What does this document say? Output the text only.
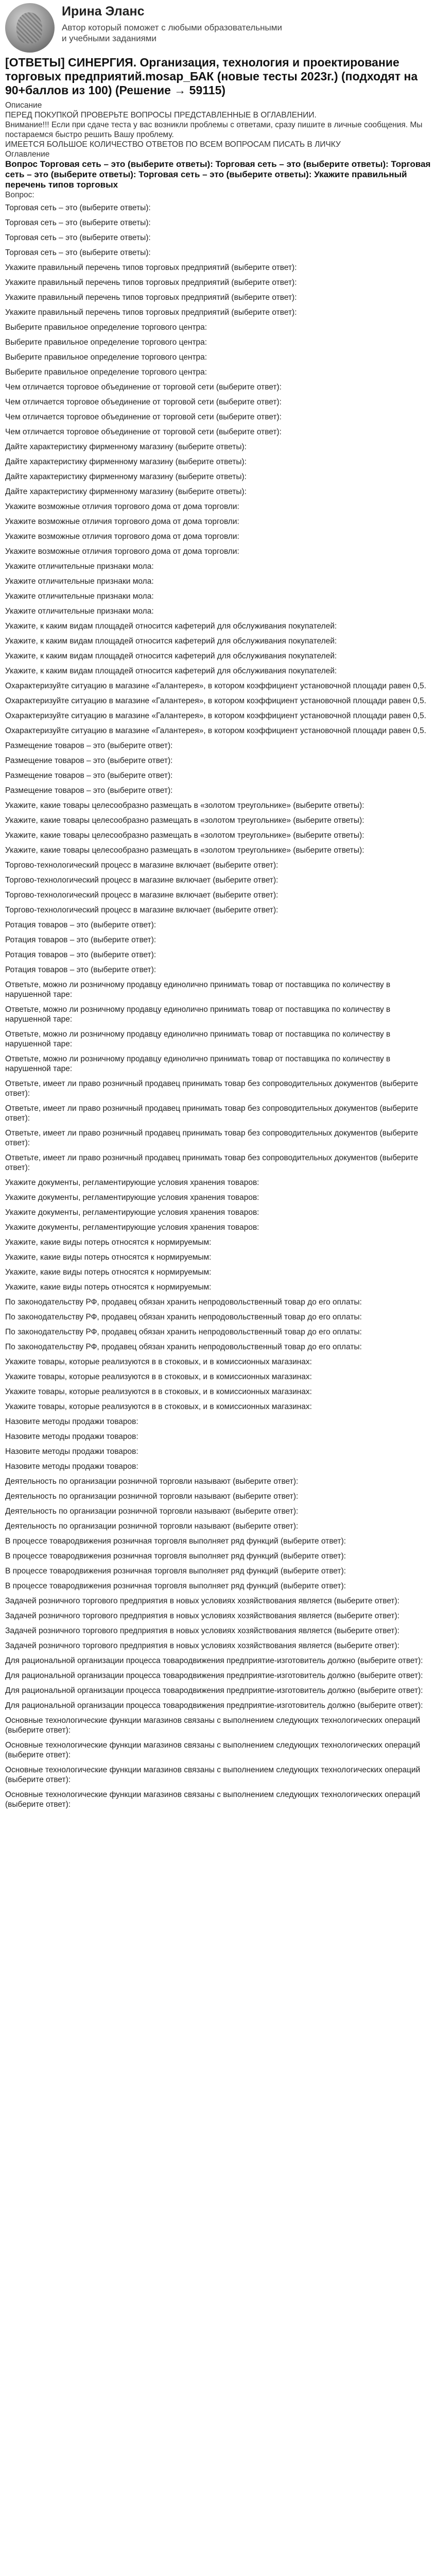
Ирина Эланс
Автор который поможет с любыми образовательными и учебными заданиями
[ОТВЕТЫ] СИНЕРГИЯ. Организация, технология и проектирование торговых предприятий.mosap_БАК (новые тесты 2023г.) (подходят на 90+баллов из 100) (Решение → 59115)

Описание

ПЕРЕД ПОКУПКОЙ ПРОВЕРЬТЕ ВОПРОСЫ ПРЕДСТАВЛЕННЫЕ В ОГЛАВЛЕНИИ.

Внимание!!! Если при сдаче теста у вас возникли проблемы с ответами, сразу пишите в личные сообщения. Мы постараемся быстро решить Вашу проблему.

ИМЕЕТСЯ БОЛЬШОЕ КОЛИЧЕСТВО ОТВЕТОВ ПО ВСЕМ ВОПРОСАМ ПИСАТЬ В ЛИЧКУ

Оглавление

Вопрос Торговая сеть – это (выберите ответы): Торговая сеть – это (выберите ответы): Торговая сеть – это (выберите ответы): Торговая сеть – это (выберите ответы): Укажите правильный перечень типов торговых

Вопрос:

Торговая сеть – это (выберите ответы):

Торговая сеть – это (выберите ответы):

Торговая сеть – это (выберите ответы):

Торговая сеть – это (выберите ответы):

Укажите правильный перечень типов торговых предприятий (выберите ответ):

Укажите правильный перечень типов торговых предприятий (выберите ответ):

Укажите правильный перечень типов торговых предприятий (выберите ответ):

Укажите правильный перечень типов торговых предприятий (выберите ответ):

Выберите правильное определение торгового центра:

Выберите правильное определение торгового центра:

Выберите правильное определение торгового центра:

Выберите правильное определение торгового центра:

Чем отличается торговое объединение от торговой сети (выберите ответ):

Чем отличается торговое объединение от торговой сети (выберите ответ):

Чем отличается торговое объединение от торговой сети (выберите ответ):

Чем отличается торговое объединение от торговой сети (выберите ответ):

Дайте характеристику фирменному магазину (выберите ответы):

Дайте характеристику фирменному магазину (выберите ответы):

Дайте характеристику фирменному магазину (выберите ответы):

Дайте характеристику фирменному магазину (выберите ответы):

Укажите возможные отличия торгового дома от дома торговли:

Укажите возможные отличия торгового дома от дома торговли:

Укажите возможные отличия торгового дома от дома торговли:

Укажите возможные отличия торгового дома от дома торговли:

Укажите отличительные признаки мола:

Укажите отличительные признаки мола:

Укажите отличительные признаки мола:

Укажите отличительные признаки мола:

Укажите, к каким видам площадей относится кафетерий для обслуживания покупателей:

Укажите, к каким видам площадей относится кафетерий для обслуживания покупателей:

Укажите, к каким видам площадей относится кафетерий для обслуживания покупателей:

Укажите, к каким видам площадей относится кафетерий для обслуживания покупателей:

Охарактеризуйте ситуацию в магазине «Галантерея», в котором коэффициент установочной площади равен 0,5.

Охарактеризуйте ситуацию в магазине «Галантерея», в котором коэффициент установочной площади равен 0,5.

Охарактеризуйте ситуацию в магазине «Галантерея», в котором коэффициент установочной площади равен 0,5.

Охарактеризуйте ситуацию в магазине «Галантерея», в котором коэффициент установочной площади равен 0,5.

Размещение товаров – это (выберите ответ):

Размещение товаров – это (выберите ответ):

Размещение товаров – это (выберите ответ):

Размещение товаров – это (выберите ответ):

Укажите, какие товары целесообразно размещать в «золотом треугольнике» (выберите ответы):

Укажите, какие товары целесообразно размещать в «золотом треугольнике» (выберите ответы):

Укажите, какие товары целесообразно размещать в «золотом треугольнике» (выберите ответы):

Укажите, какие товары целесообразно размещать в «золотом треугольнике» (выберите ответы):

Торгово-технологический процесс в магазине включает (выберите ответ):

Торгово-технологический процесс в магазине включает (выберите ответ):

Торгово-технологический процесс в магазине включает (выберите ответ):

Торгово-технологический процесс в магазине включает (выберите ответ):

Ротация товаров – это (выберите ответ):

Ротация товаров – это (выберите ответ):

Ротация товаров – это (выберите ответ):

Ротация товаров – это (выберите ответ):

Ответьте, можно ли розничному продавцу единолично принимать товар от поставщика по количеству в нарушенной таре:

Ответьте, можно ли розничному продавцу единолично принимать товар от поставщика по количеству в нарушенной таре:

Ответьте, можно ли розничному продавцу единолично принимать товар от поставщика по количеству в нарушенной таре:

Ответьте, можно ли розничному продавцу единолично принимать товар от поставщика по количеству в нарушенной таре:

Ответьте, имеет ли право розничный продавец принимать товар без сопроводительных документов (выберите ответ):

Ответьте, имеет ли право розничный продавец принимать товар без сопроводительных документов (выберите ответ):

Ответьте, имеет ли право розничный продавец принимать товар без сопроводительных документов (выберите ответ):

Ответьте, имеет ли право розничный продавец принимать товар без сопроводительных документов (выберите ответ):

Укажите документы, регламентирующие условия хранения товаров:

Укажите документы, регламентирующие условия хранения товаров:

Укажите документы, регламентирующие условия хранения товаров:

Укажите документы, регламентирующие условия хранения товаров:

Укажите, какие виды потерь относятся к нормируемым:

Укажите, какие виды потерь относятся к нормируемым:

Укажите, какие виды потерь относятся к нормируемым:

Укажите, какие виды потерь относятся к нормируемым:

По законодательству РФ, продавец обязан хранить непродовольственный товар до его оплаты:

По законодательству РФ, продавец обязан хранить непродовольственный товар до его оплаты:

По законодательству РФ, продавец обязан хранить непродовольственный товар до его оплаты:

По законодательству РФ, продавец обязан хранить непродовольственный товар до его оплаты:

Укажите товары, которые реализуются в в стоковых, и в комиссионных магазинах:

Укажите товары, которые реализуются в в стоковых, и в комиссионных магазинах:

Укажите товары, которые реализуются в в стоковых, и в комиссионных магазинах:

Укажите товары, которые реализуются в в стоковых, и в комиссионных магазинах:

Назовите методы продажи товаров:

Назовите методы продажи товаров:

Назовите методы продажи товаров:

Назовите методы продажи товаров:

Деятельность по организации розничной торговли называют (выберите ответ):

Деятельность по организации розничной торговли называют (выберите ответ):

Деятельность по организации розничной торговли называют (выберите ответ):

Деятельность по организации розничной торговли называют (выберите ответ):

В процессе товародвижения розничная торговля выполняет ряд функций (выберите ответ):

В процессе товародвижения розничная торговля выполняет ряд функций (выберите ответ):

В процессе товародвижения розничная торговля выполняет ряд функций (выберите ответ):

В процессе товародвижения розничная торговля выполняет ряд функций (выберите ответ):

Задачей розничного торгового предприятия в новых условиях хозяйствования является (выберите ответ):

Задачей розничного торгового предприятия в новых условиях хозяйствования является (выберите ответ):

Задачей розничного торгового предприятия в новых условиях хозяйствования является (выберите ответ):

Задачей розничного торгового предприятия в новых условиях хозяйствования является (выберите ответ):

Для рациональной организации процесса товародвижения предприятие-изготовитель должно (выберите ответ):

Для рациональной организации процесса товародвижения предприятие-изготовитель должно (выберите ответ):

Для рациональной организации процесса товародвижения предприятие-изготовитель должно (выберите ответ):

Для рациональной организации процесса товародвижения предприятие-изготовитель должно (выберите ответ):

Основные технологические функции магазинов связаны с выполнением следующих технологических операций (выберите ответ):

Основные технологические функции магазинов связаны с выполнением следующих технологических операций (выберите ответ):

Основные технологические функции магазинов связаны с выполнением следующих технологических операций (выберите ответ):

Основные технологические функции магазинов связаны с выполнением следующих технологических операций (выберите ответ):
